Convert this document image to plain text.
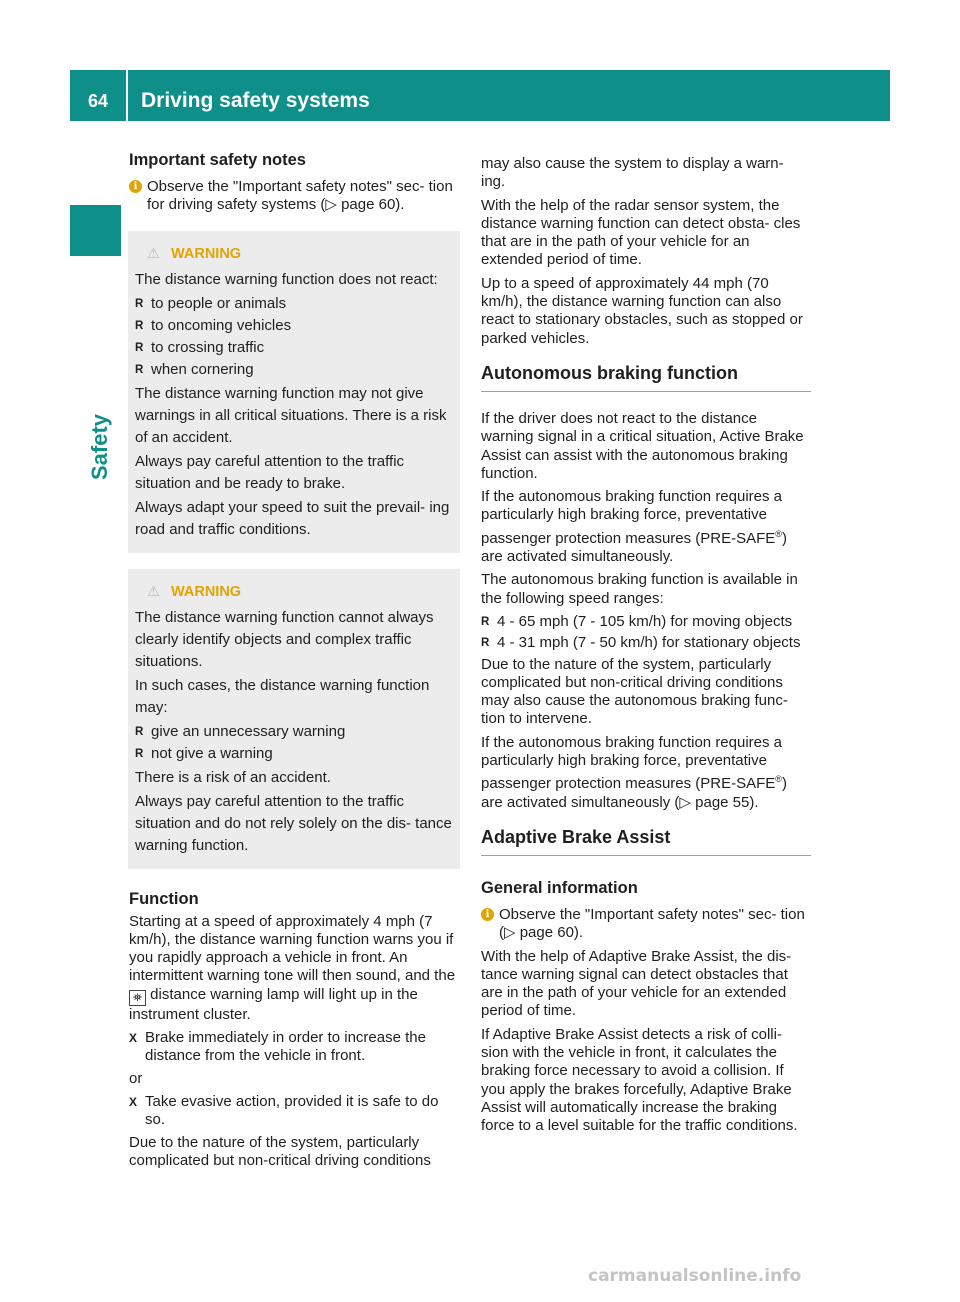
64	Driving safety systems
Safety
Important safety notes
i Observe the "Important safety notes" sec- tion for driving safety systems (▷ page 60).
⚠ WARNING

The distance warning function does not react:

R to people or animals
R to oncoming vehicles
R to crossing traffic
R when cornering

The distance warning function may not give warnings in all critical situations. There is a risk of an accident.

Always pay careful attention to the traffic situation and be ready to brake.

Always adapt your speed to suit the prevail- ing road and traffic conditions.

⚠ WARNING

The distance warning function cannot always clearly identify objects and complex traffic situations.

In such cases, the distance warning function may:

R give an unnecessary warning
R not give a warning

There is a risk of an accident.

Always pay careful attention to the traffic situation and do not rely solely on the dis- tance warning function.

Function

Starting at a speed of approximately 4 mph (7 km/h), the distance warning function warns you if you rapidly approach a vehicle in front. An intermittent warning tone will then sound, and the ⛯ distance warning lamp will light up in the instrument cluster.

X Brake immediately in order to increase the distance from the vehicle in front.

or

X Take evasive action, provided it is safe to do so.

Due to the nature of the system, particularly complicated but non-critical driving conditions

may also cause the system to display a warn- ing.

With the help of the radar sensor system, the distance warning function can detect obsta- cles that are in the path of your vehicle for an extended period of time.

Up to a speed of approximately 44 mph (70 km/h), the distance warning function can also react to stationary obstacles, such as stopped or parked vehicles.

Autonomous braking function

If the driver does not react to the distance warning signal in a critical situation, Active Brake Assist can assist with the autonomous braking function.

If the autonomous braking function requires a particularly high braking force, preventative passenger protection measures (PRE-SAFE®) are activated simultaneously.

The autonomous braking function is available in the following speed ranges:

R 4 - 65 mph (7 - 105 km/h) for moving objects
R 4 - 31 mph (7 - 50 km/h) for stationary objects

Due to the nature of the system, particularly complicated but non-critical driving conditions may also cause the autonomous braking func- tion to intervene.

If the autonomous braking function requires a particularly high braking force, preventative passenger protection measures (PRE-SAFE®) are activated simultaneously (▷ page 55).

Adaptive Brake Assist
General information
i Observe the "Important safety notes" sec- tion (▷ page 60).

With the help of Adaptive Brake Assist, the dis- tance warning signal can detect obstacles that are in the path of your vehicle for an extended period of time.

If Adaptive Brake Assist detects a risk of colli- sion with the vehicle in front, it calculates the braking force necessary to avoid a collision. If you apply the brakes forcefully, Adaptive Brake Assist will automatically increase the braking force to a level suitable for the traffic conditions.

carmanualsonline.info
